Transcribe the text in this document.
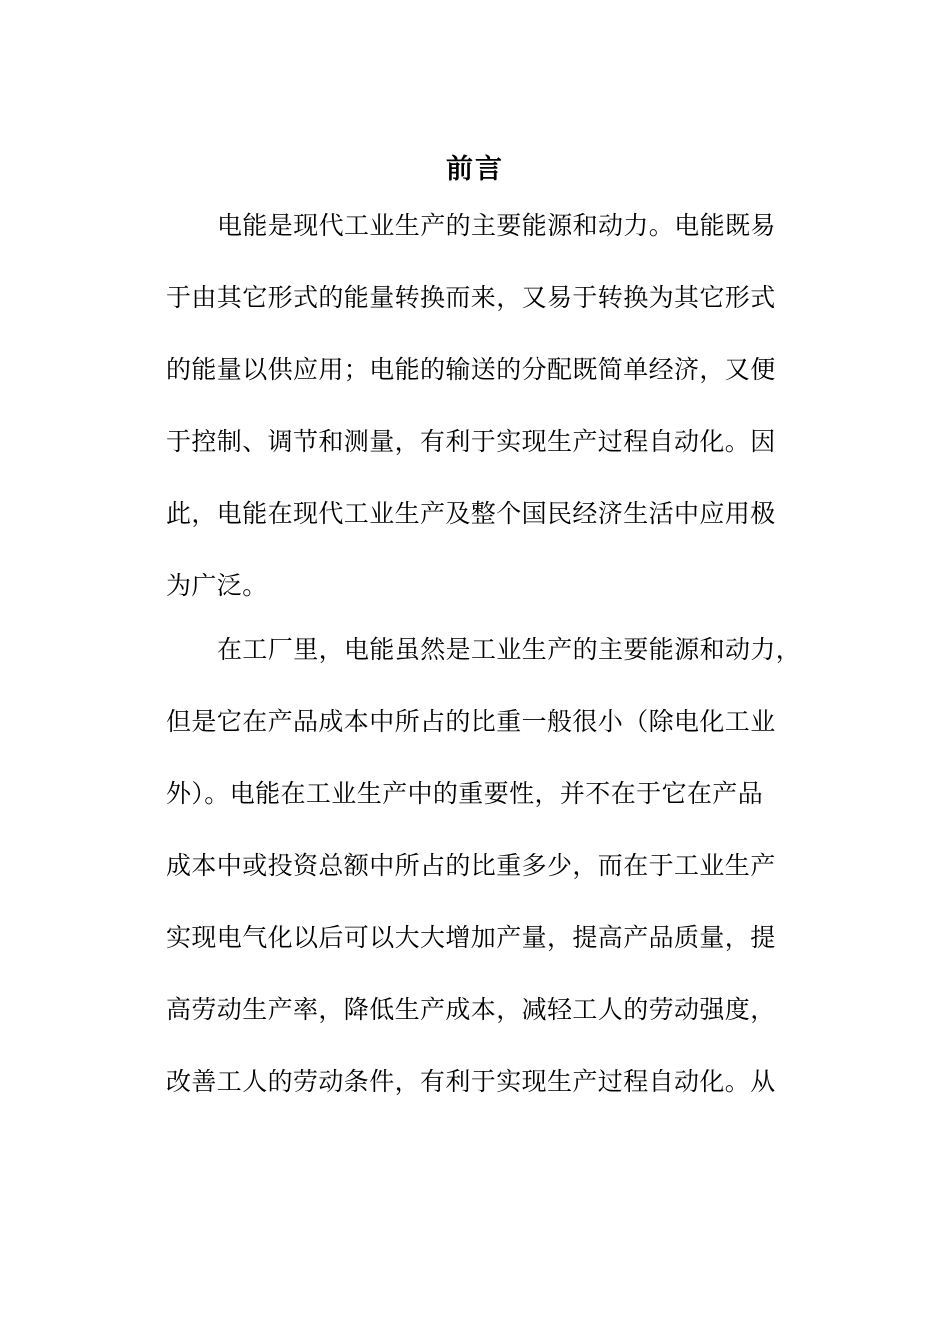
前言
电能是现代工业生产的主要能源和动力。电能既易
于由其它形式的能量转换而来，又易于转换为其它形式
的能量以供应用；电能的输送的分配既简单经济，又便
于控制、调节和测量，有利于实现生产过程自动化。因
此，电能在现代工业生产及整个国民经济生活中应用极
为广泛。
在工厂里，电能虽然是工业生产的主要能源和动力，
但是它在产品成本中所占的比重一般很小（除电化工业
外）。电能在工业生产中的重要性，并不在于它在产品
成本中或投资总额中所占的比重多少，而在于工业生产
实现电气化以后可以大大增加产量，提高产品质量，提
高劳动生产率，降低生产成本，减轻工人的劳动强度，
改善工人的劳动条件，有利于实现生产过程自动化。从
